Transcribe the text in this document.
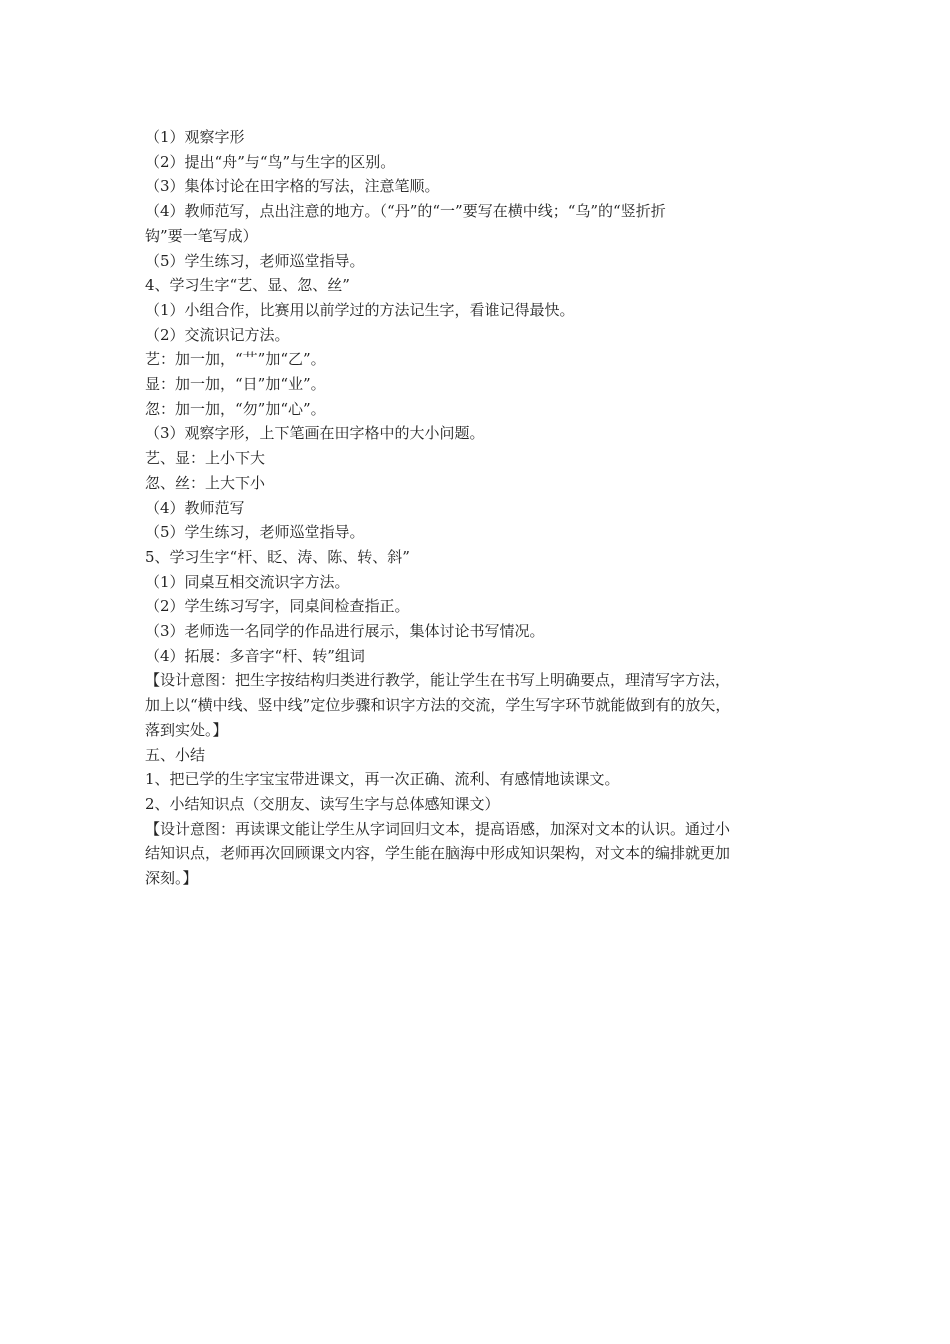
（1）观察字形
（2）提出“舟”与“鸟”与生字的区别。
（3）集体讨论在田字格的写法，注意笔顺。
（4）教师范写，点出注意的地方。（“丹”的“一”要写在横中线；“乌”的“竖折折
钩”要一笔写成）
（5）学生练习，老师巡堂指导。
4、学习生字“艺、显、忽、丝”
（1）小组合作，比赛用以前学过的方法记生字，看谁记得最快。
（2）交流识记方法。
艺：加一加，“艹”加“乙”。
显：加一加，“日”加“业”。
忽：加一加，“勿”加“心”。
（3）观察字形，上下笔画在田字格中的大小问题。
艺、显：上小下大
忽、丝：上大下小
（4）教师范写
（5）学生练习，老师巡堂指导。
5、学习生字“杆、眨、涛、陈、转、斜”
（1）同桌互相交流识字方法。
（2）学生练习写字，同桌间检查指正。
（3）老师选一名同学的作品进行展示，集体讨论书写情况。
（4）拓展：多音字“杆、转”组词
【设计意图：把生字按结构归类进行教学，能让学生在书写上明确要点，理清写字方法，
加上以“横中线、竖中线”定位步骤和识字方法的交流，学生写字环节就能做到有的放矢，
落到实处。】
五、小结
1、把已学的生字宝宝带进课文，再一次正确、流利、有感情地读课文。
2、小结知识点（交朋友、读写生字与总体感知课文）
【设计意图：再读课文能让学生从字词回归文本，提高语感，加深对文本的认识。通过小
结知识点，老师再次回顾课文内容，学生能在脑海中形成知识架构，对文本的编排就更加
深刻。】
